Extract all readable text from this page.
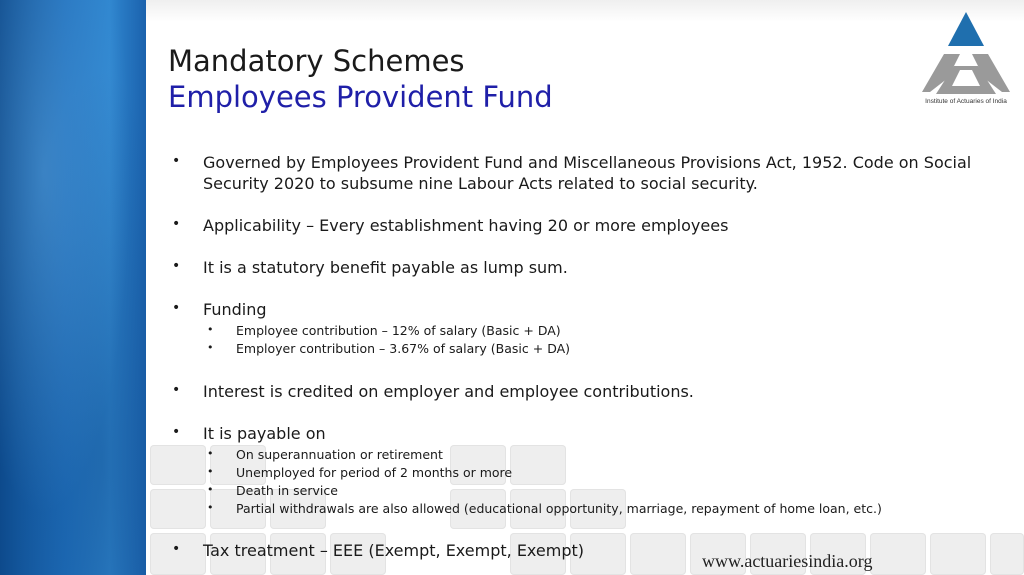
Mandatory Schemes
Employees Provident Fund	Institute of Actuaries of India
• Governed by Employees Provident Fund and Miscellaneous Provisions Act, 1952. Code on Social Security 2020 to subsume nine Labour Acts related to social security.
• Applicability – Every establishment having 20 or more employees
• It is a statutory benefit payable as lump sum.
• Funding
• Employee contribution – 12% of salary (Basic + DA)
• Employer contribution – 3.67% of salary (Basic + DA)
• Interest is credited on employer and employee contributions.
• It is payable on
• On superannuation or retirement
• Unemployed for period of 2 months or more
• Death in service
• Partial withdrawals are also allowed (educational opportunity, marriage, repayment of home loan, etc.)
• Tax treatment – EEE (Exempt, Exempt, Exempt)

www.actuariesindia.org
